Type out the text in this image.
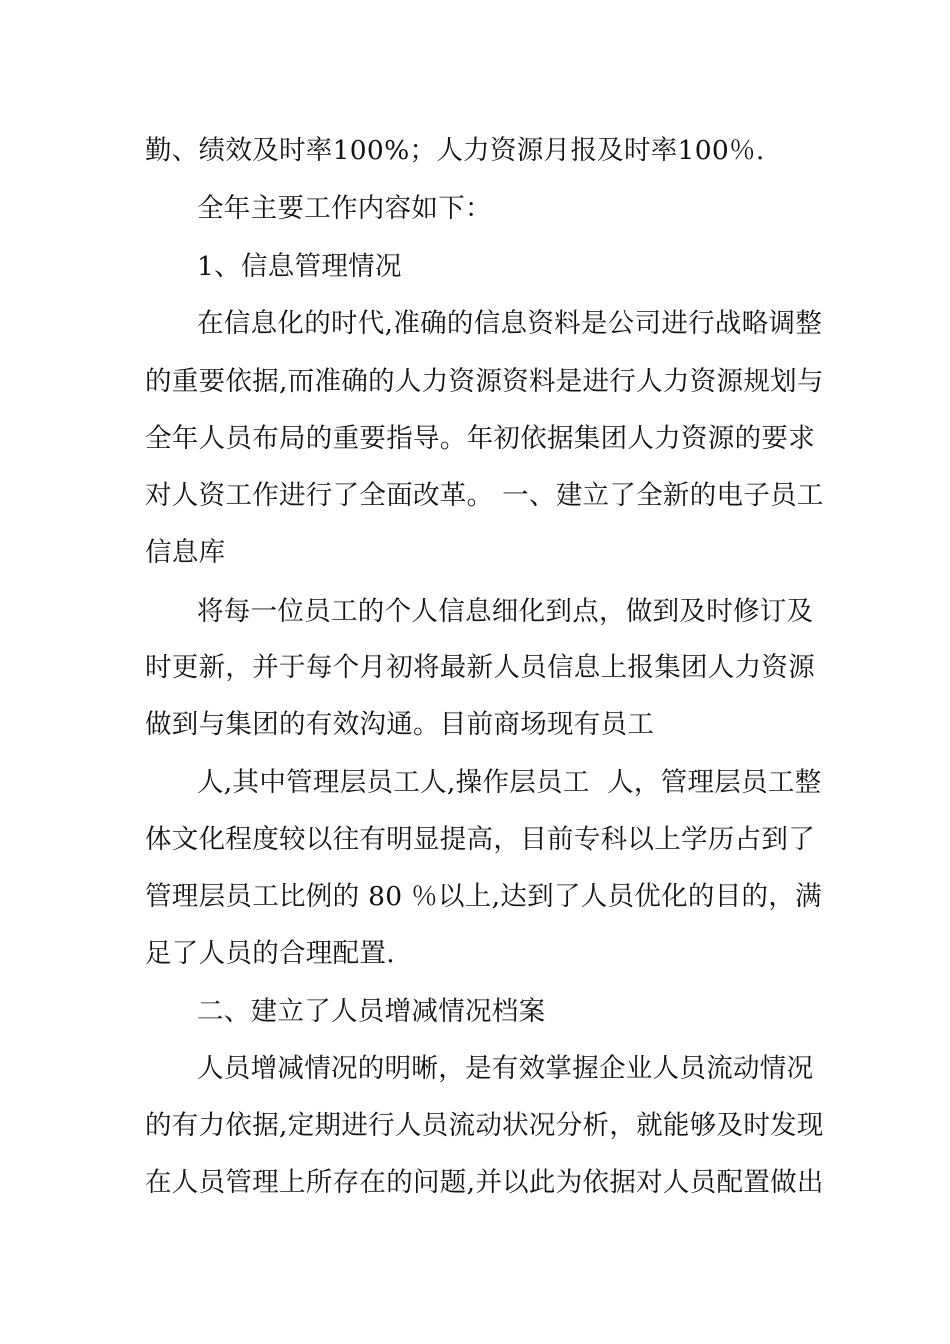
勤、绩效及时率100%；人力资源月报及时率100％.
全年主要工作内容如下：
1、信息管理情况
在信息化的时代,准确的信息资料是公司进行战略调整
的重要依据,而准确的人力资源资料是进行人力资源规划与
全年人员布局的重要指导。年初依据集团人力资源的要求
对人资工作进行了全面改革。 一、建立了全新的电子员工
信息库
将每一位员工的个人信息细化到点，做到及时修订及
时更新，并于每个月初将最新人员信息上报集团人力资源
做到与集团的有效沟通。目前商场现有员工
人,其中管理层员工人,操作层员工  人，管理层员工整
体文化程度较以往有明显提高，目前专科以上学历占到了
管理层员工比例的 80 ％以上,达到了人员优化的目的，满
足了人员的合理配置.
二、建立了人员增减情况档案
人员增减情况的明晰，是有效掌握企业人员流动情况
的有力依据,定期进行人员流动状况分析，就能够及时发现
在人员管理上所存在的问题,并以此为依据对人员配置做出
